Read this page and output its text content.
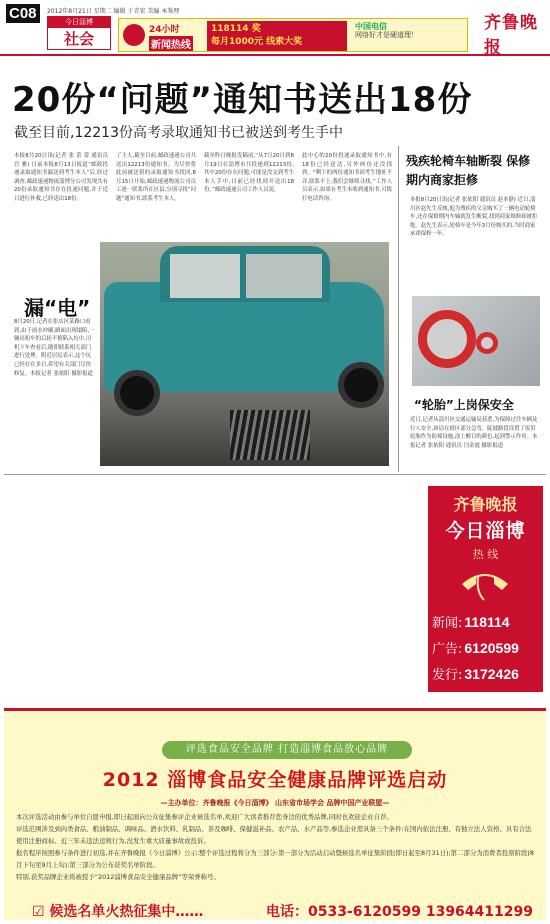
C08	2012年8月21日 星期二 编辑 于青宏 美编 本鉴理
今日淄博
社会	24小时
新闻热线
118114 奖
每月1000元 线索大奖
中国电信
网络好才是硬道理！
齐鲁晚报
20份“问题”通知书送出18份
截至目前,12213份高考录取通知书已被送到考生手中
本报8月20日讯(记者 张 蕾 蕾 通讯员 宫 雅) 日前本报8月13日报道“邮政投递录取通知书漏送到考生本人”后,经过调查,邮政速递物流淄博分公司发现共有20份录取通知书存在投递问题,并于近日进行补救,已经送出18份。
了主人,截至目前,邮政速递公司共送出12213份通知书。为尽快将此前被送错的录取通知书找回,8月15日开始,邮政速递物流公司员工逐一联系所在区县,分别寻找“问题”通知书,联系考生本人。
截至昨日晚报发稿前,“从7月20日到8月19日在淄博市共投递到12213份,其中20份存在问题,可能是没交到考生本人手中,目前已经找到并送出18份。”邮政速递公司工作人员说。
此中心的20份投递录取通知书中,有18份已经送达,另外两份还没找到。“剩下的两份通知书因考生地址不详,联系不上,我们会继续寻找。”工作人员表示,如果有考生未收到通知书,可拨打电话咨询。
漏“电”
8月20日,记者在张店区某路口看到,由于雨水冲刷,路面出现塌陷,一辆出租车的后轮不慎陷入坑中,司机下车查看后,随即联系相关部门进行处理。附近居民表示,这个坑已经存在多日,希望有关部门尽快修复。本报记者 张依阳 摄影报道
残疾轮椅车轴断裂 保修期内商家拒修
本报8月20日讯(记者 张依阳 通讯员 赵本静) 近日,淄川区赵先生反映,他为残疾的父亲购买了一辆电动轮椅车,还在保修期内车轴就发生断裂,找到商家维修却被拒绝。赵先生表示,轮椅车是今年3月份购买的,当时商家承诺保修一年。
“轮胎”上岗保安全
近日,记者从淄川区交通运输局获悉,为保障过往车辆及行人安全,该局在辖区部分急弯、陡坡路段设置了废旧轮胎作为防撞设施,涂上醒目的颜色,起到警示作用。本报记者 张依阳 通讯员 闫金霞 摄影报道
齐鲁晚报
今日淄博
热 线
新闻: 118114
广告: 6120599
发行: 3172426
评选食品安全品牌 打造淄博食品放心品牌
2012 淄博食品安全健康品牌评选启动
—主办单位：齐鲁晚报《今日淄博》 山东省市场学会 品牌中国产业联盟—
本次评选活动由参与单位自愿申报,即日起面向公众征集参评企业候选名单,欢迎广大读者推荐您身边的优秀品牌,同时也欢迎企业自荐。
评选范围涉及到肉类食品、粮油制品、调味品、酒水饮料、乳制品、茶及咖啡、保健滋补品、农产品、水产品等,参选企业需具备三个条件:在国内依法注册、有独立法人资格、具有合法使用注册商标、近三年未违法违规行为,没发生重大质量事故或投诉。
报名程序按照参与条件进行初选,并在齐鲁晚报《今日淄博》公示:整个评选过程将分为三部分:第一部分为活动启动暨候选名单征集阶段(即日起至8月31日);第二部分为消费者投票阶段(8月下旬至9月上旬);第三部分为公布获奖名单阶段。
特别,获奖品牌企业将被授予“2012淄博食品安全健康品牌”等荣誉称号。
☑ 候选名单火热征集中……	电话：0533-6120599 13964411299
